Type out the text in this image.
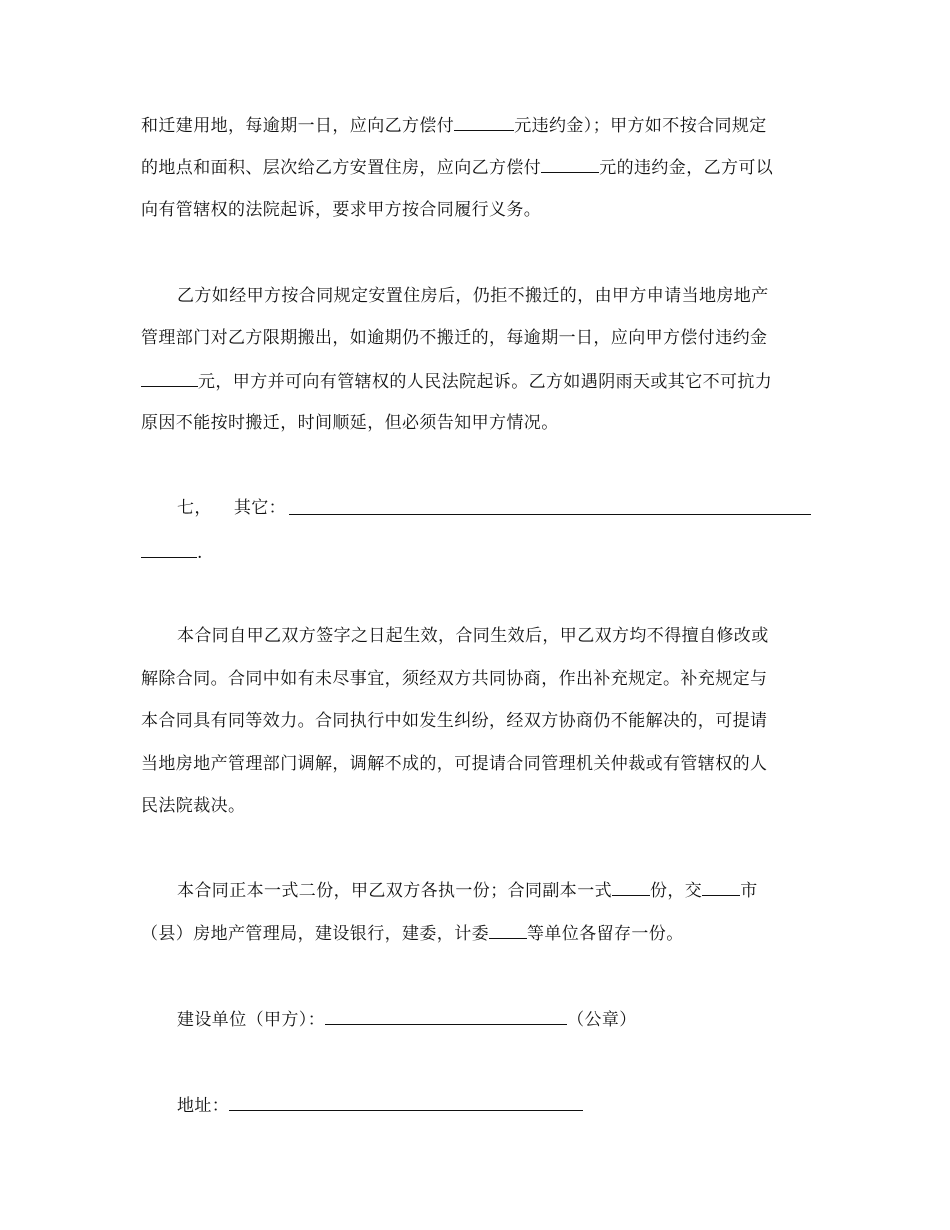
和迁建用地，每逾期一日，应向乙方偿付	元违约金）；甲方如不按合同规定
的地点和面积、层次给乙方安置住房，应向乙方偿付	元的违约金，乙方可以
向有管辖权的法院起诉，要求甲方按合同履行义务。
乙方如经甲方按合同规定安置住房后，仍拒不搬迁的，由甲方申请当地房地产
管理部门对乙方限期搬出，如逾期仍不搬迁的，每逾期一日，应向甲方偿付违约金
元，甲方并可向有管辖权的人民法院起诉。乙方如遇阴雨天或其它不可抗力
原因不能按时搬迁，时间顺延，但必须告知甲方情况。
七， 其它：
.
本合同自甲乙双方签字之日起生效，合同生效后，甲乙双方均不得擅自修改或
解除合同。合同中如有未尽事宜，须经双方共同协商，作出补充规定。补充规定与
本合同具有同等效力。合同执行中如发生纠纷，经双方协商仍不能解决的，可提请
当地房地产管理部门调解，调解不成的，可提请合同管理机关仲裁或有管辖权的人
民法院裁决。
本合同正本一式二份，甲乙双方各执一份；合同副本一式 份，交 市
（县）房地产管理局，建设银行，建委，计委 等单位各留存一份。
建设单位（甲方）：	（公章）
地址：
